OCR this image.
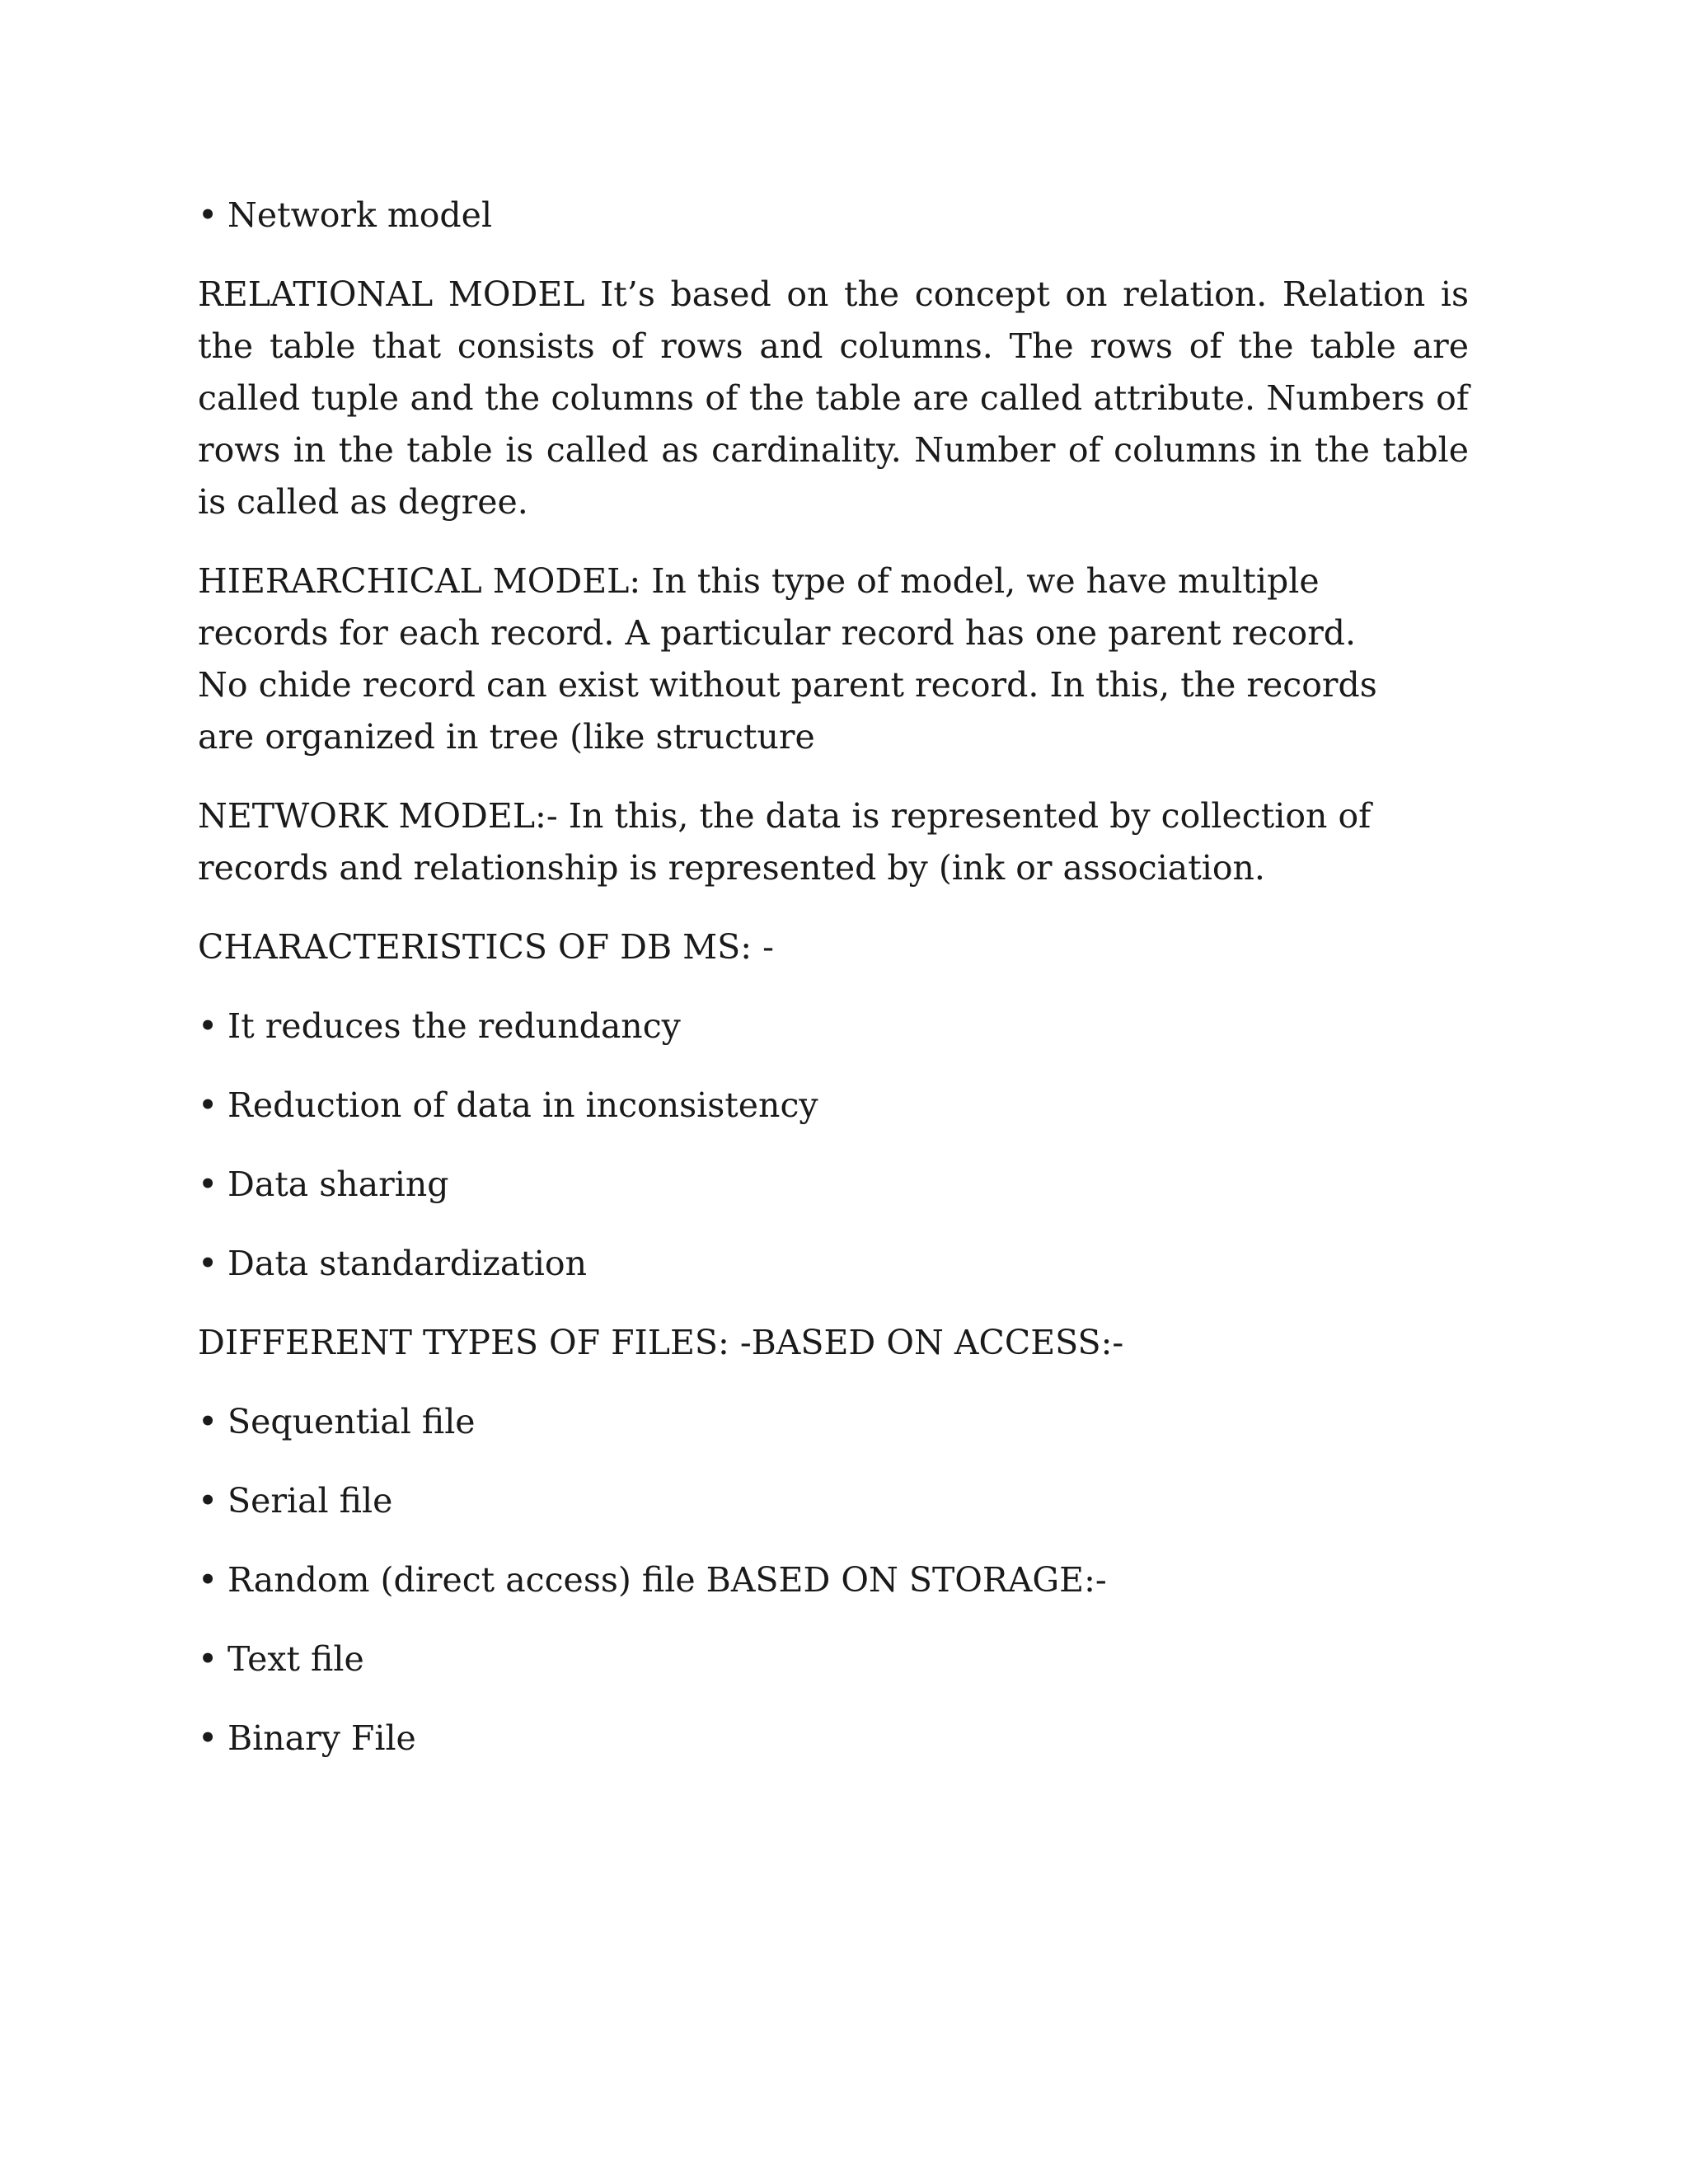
• Network model
RELATIONAL MODEL It’s based on the concept on relation. Relation is the table that consists of rows and columns. The rows of the table are called tuple and the columns of the table are called attribute. Numbers of rows in the table is called as cardinality. Number of columns in the table is called as degree.
HIERARCHICAL MODEL: In this type of model, we have multiple
records for each record. A particular record has one parent record.
No chide record can exist without parent record. In this, the records
are organized in tree (like structure
NETWORK MODEL:- In this, the data is represented by collection of
records and relationship is represented by (ink or association.
CHARACTERISTICS OF DB MS: -
• It reduces the redundancy
• Reduction of data in inconsistency
• Data sharing
• Data standardization
DIFFERENT TYPES OF FILES: -BASED ON ACCESS:-
• Sequential file
• Serial file
• Random (direct access) file BASED ON STORAGE:-
• Text file
• Binary File
